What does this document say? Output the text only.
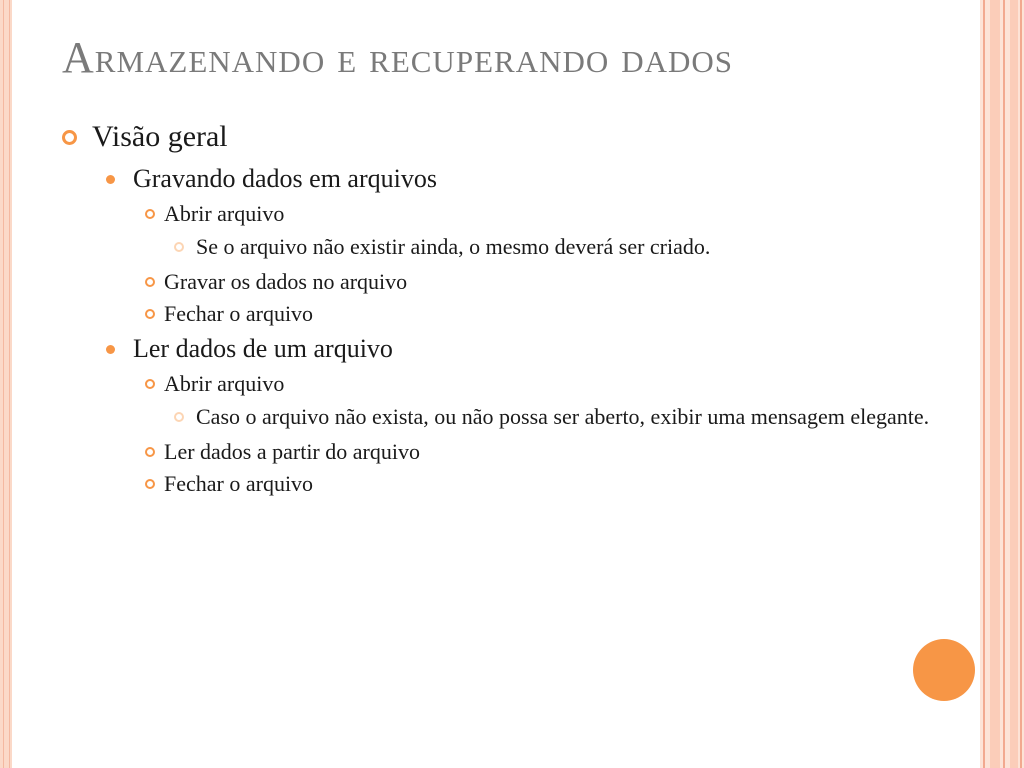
Armazenando e recuperando dados
Visão geral
Gravando dados em arquivos
Abrir arquivo
Se o arquivo não existir ainda, o mesmo deverá ser criado.
Gravar os dados no arquivo
Fechar o arquivo
Ler dados de um arquivo
Abrir arquivo
Caso o arquivo não exista, ou não possa ser aberto, exibir uma mensagem elegante.
Ler dados a partir do arquivo
Fechar o arquivo
